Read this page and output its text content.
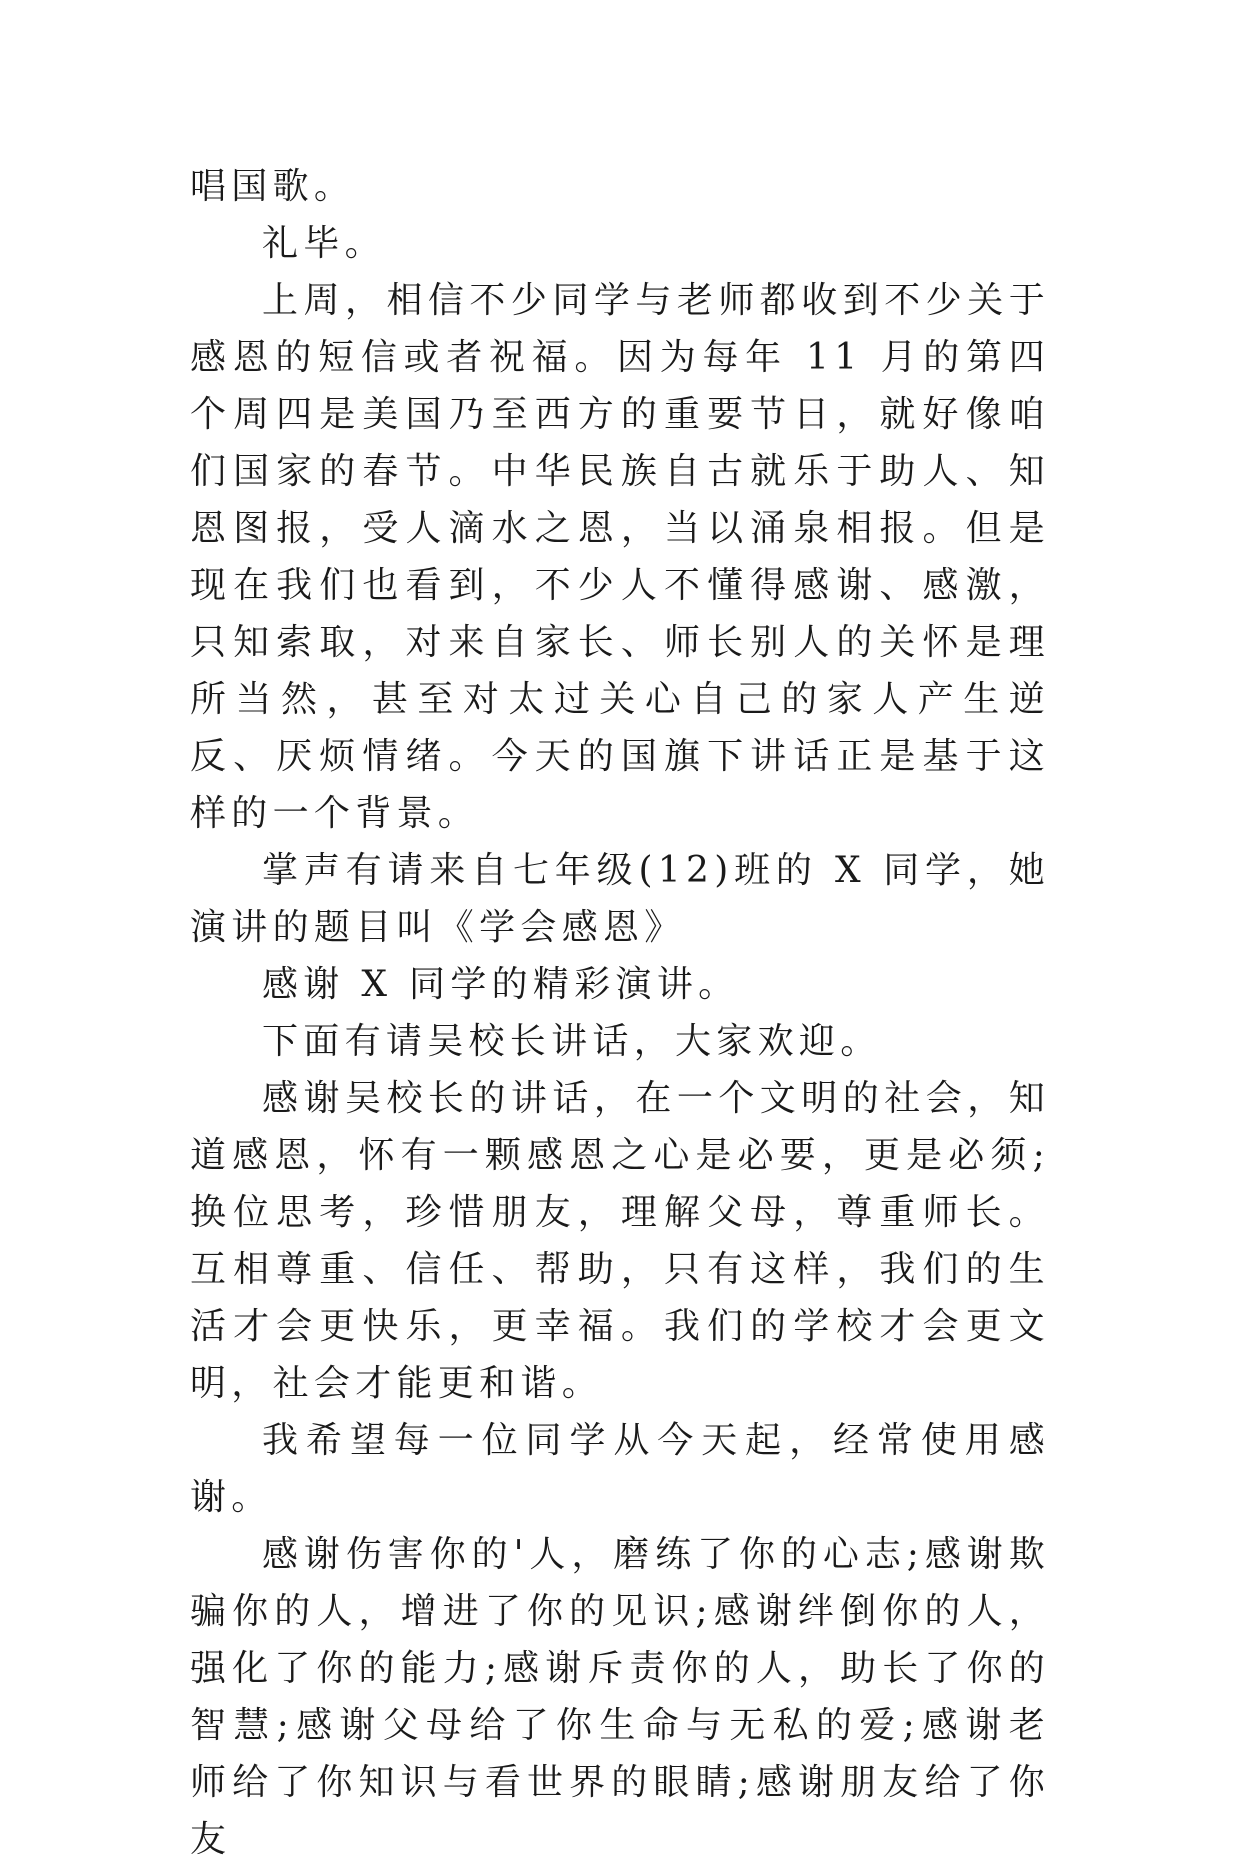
唱国歌。

礼毕。

上周，相信不少同学与老师都收到不少关于感恩的短信或者祝福。因为每年 11 月的第四个周四是美国乃至西方的重要节日，就好像咱们国家的春节。中华民族自古就乐于助人、知恩图报，受人滴水之恩，当以涌泉相报。但是现在我们也看到，不少人不懂得感谢、感激，只知索取，对来自家长、师长别人的关怀是理所当然，甚至对太过关心自己的家人产生逆反、厌烦情绪。今天的国旗下讲话正是基于这样的一个背景。

掌声有请来自七年级(12)班的 X 同学，她演讲的题目叫《学会感恩》

感谢 X 同学的精彩演讲。

下面有请吴校长讲话，大家欢迎。

感谢吴校长的讲话，在一个文明的社会，知道感恩，怀有一颗感恩之心是必要，更是必须;换位思考，珍惜朋友，理解父母，尊重师长。互相尊重、信任、帮助，只有这样，我们的生活才会更快乐，更幸福。我们的学校才会更文明，社会才能更和谐。

我希望每一位同学从今天起，经常使用感谢。

感谢伤害你的'人，磨练了你的心志;感谢欺骗你的人，增进了你的见识;感谢绊倒你的人，强化了你的能力;感谢斥责你的人，助长了你的智慧;感谢父母给了你生命与无私的爱;感谢老师给了你知识与看世界的眼睛;感谢朋友给了你友
